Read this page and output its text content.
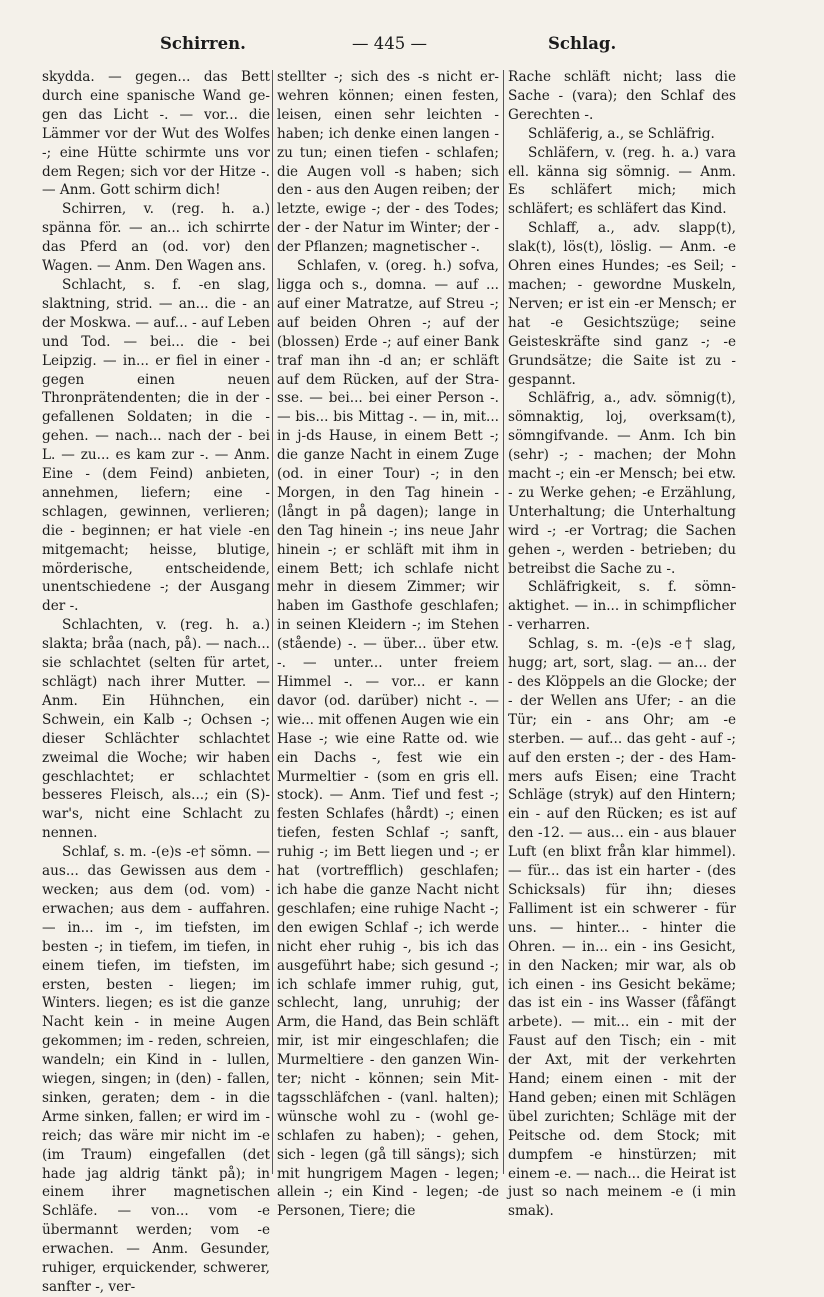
Schirren.	— 445 —	Schlag.

skydda. — gegen... das Bett durch eine spanische Wand gegen das Licht -. — vor... die Lämmer vor der Wut des Wolfes -; eine Hütte schirmte uns vor dem Regen; sich vor der Hitze -. — Anm. Gott schirm dich!

Schirren, v. (reg. h. a.) spänna för. — an... ich schirrte das Pferd an (od. vor) den Wagen. — Anm. Den Wagen ans.

Schlacht, s. f. -en slag, slaktning, strid. — an... die - an der Moskwa. — auf... - auf Leben und Tod. — bei... die - bei Leipzig. — in... er fiel in einer - gegen einen neuen Thronprätendenten; die in der - gefallenen Soldaten; in die - gehen. — nach... nach der - bei L. — zu... es kam zur -. — Anm. Eine - (dem Feind) anbieten, annehmen, liefern; eine - schlagen, gewinnen, verlieren; die - beginnen; er hat viele -en mitgemacht; heisse, blutige, mörderische, entscheidende, unentschiedene -; der Ausgang der -.

Schlachten, v. (reg. h. a.) slakta; bråa (nach, på). — nach... sie schlachtet (selten für artet, schlägt) nach ihrer Mutter. — Anm. Ein Hühnchen, ein Schwein, ein Kalb -; Ochsen -; dieser Schlächter schlachtet zweimal die Woche; wir haben geschlachtet; er schlachtet besseres Fleisch, als...; ein (S)- war's, nicht eine Schlacht zu nennen.

Schlaf, s. m. -(e)s -e† sömn. — aus... das Gewissen aus dem - wecken; aus dem (od. vom) - erwachen; aus dem - auffahren. — in... im -, im tiefsten, im besten -; in tiefem, im tiefen, in einem tiefen, im tiefsten, im ersten, besten - liegen; im Winters. liegen; es ist die ganze Nacht kein - in meine Augen gekommen; im - reden, schreien, wandeln; ein Kind in - lullen, wiegen, singen; in (den) - fallen, sinken, geraten; dem - in die Arme sinken, fallen; er wird im - reich; das wäre mir nicht im -e (im Traum) eingefallen (det hade jag aldrig tänkt på); in einem ihrer magnetischen Schläfe. — von... vom -e übermannt werden; vom -e erwachen. — Anm. Gesunder, ruhiger, erquickender, schwerer, sanfter -, ver-

stellter -; sich des -s nicht erwehren können; einen festen, leisen, einen sehr leichten - haben; ich denke einen langen - zu tun; einen tiefen - schlafen; die Augen voll -s haben; sich den - aus den Augen reiben; der letzte, ewige -; der - des Todes; der - der Natur im Winter; der - der Pflanzen; magnetischer -.

Schlafen, v. (oreg. h.) sofva, ligga och s., domna. — auf ... auf einer Matratze, auf Streu -; auf beiden Ohren -; auf der (blossen) Erde -; auf einer Bank traf man ihn -d an; er schläft auf dem Rücken, auf der Strasse. — bei... bei einer Person -. — bis... bis Mittag -. — in, mit... in j-ds Hause, in einem Bett -; die ganze Nacht in einem Zuge (od. in einer Tour) -; in den Morgen, in den Tag hinein - (långt in på dagen); lange in den Tag hinein -; ins neue Jahr hinein -; er schläft mit ihm in einem Bett; ich schlafe nicht mehr in diesem Zimmer; wir haben im Gasthofe geschlafen; in seinen Kleidern -; im Stehen (stående) -. — über... über etw. -. — unter... unter freiem Himmel -. — vor... er kann davor (od. darüber) nicht -. — wie... mit offenen Augen wie ein Hase -; wie eine Ratte od. wie ein Dachs -, fest wie ein Murmeltier - (som en gris ell. stock). — Anm. Tief und fest -; festen Schlafes (hårdt) -; einen tiefen, festen Schlaf -; sanft, ruhig -; im Bett liegen und -; er hat (vortrefflich) geschlafen; ich habe die ganze Nacht nicht geschlafen; eine ruhige Nacht -; den ewigen Schlaf -; ich werde nicht eher ruhig -, bis ich das ausgeführt habe; sich gesund -; ich schlafe immer ruhig, gut, schlecht, lang, unruhig; der Arm, die Hand, das Bein schläft mir, ist mir eingeschlafen; die Murmeltiere - den ganzen Winter; nicht - können; sein Mittagsschläfchen - (vanl. halten); wünsche wohl zu - (wohl geschlafen zu haben); - gehen, sich - legen (gå till sängs); sich mit hungrigem Magen - legen; allein -; ein Kind - legen; -de Personen, Tiere; die

Rache schläft nicht; lass die Sache - (vara); den Schlaf des Gerechten -.

Schläferig, a., se Schläfrig.

Schläfern, v. (reg. h. a.) vara ell. känna sig sömnig. — Anm. Es schläfert mich; mich schläfert; es schläfert das Kind.

Schlaff, a., adv. slapp(t), slak(t), lös(t), löslig. — Anm. -e Ohren eines Hundes; -es Seil; - machen; - gewordne Muskeln, Nerven; er ist ein -er Mensch; er hat -e Gesichtszüge; seine Geisteskräfte sind ganz -; -e Grundsätze; die Saite ist zu - gespannt.

Schläfrig, a., adv. sömnig(t), sömnaktig, loj, overksam(t), sömngifvande. — Anm. Ich bin (sehr) -; - machen; der Mohn macht -; ein -er Mensch; bei etw. - zu Werke gehen; -e Erzählung, Unterhaltung; die Unterhaltung wird -; -er Vortrag; die Sachen gehen -, werden - betrieben; du betreibst die Sache zu -.

Schläfrigkeit, s. f. sömnaktighet. — in... in schimpflicher - verharren.

Schlag, s. m. -(e)s -e† slag, hugg; art, sort, slag. — an... der - des Klöppels an die Glocke; der - der Wellen ans Ufer; - an die Tür; ein - ans Ohr; am -e sterben. — auf... das geht - auf -; auf den ersten -; der - des Hammers aufs Eisen; eine Tracht Schläge (stryk) auf den Hintern; ein - auf den Rücken; es ist auf den -12. — aus... ein - aus blauer Luft (en blixt från klar himmel). — für... das ist ein harter - (des Schicksals) für ihn; dieses Falliment ist ein schwerer - für uns. — hinter... - hinter die Ohren. — in... ein - ins Gesicht, in den Nacken; mir war, als ob ich einen - ins Gesicht bekäme; das ist ein - ins Wasser (fåfängt arbete). — mit... ein - mit der Faust auf den Tisch; ein - mit der Axt, mit der verkehrten Hand; einem einen - mit der Hand geben; einen mit Schlägen übel zurichten; Schläge mit der Peitsche od. dem Stock; mit dumpfem -e hinstürzen; mit einem -e. — nach... die Heirat ist just so nach meinem -e (i min smak).
